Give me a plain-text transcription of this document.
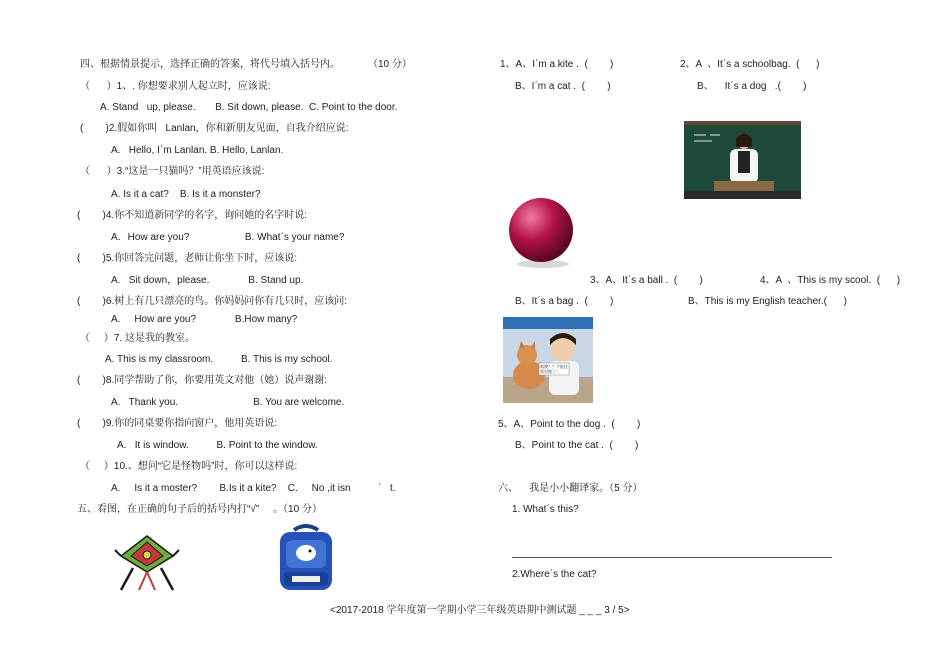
四、根据情景提示，选择正确的答案，将代号填入括号内。	（10 分）
（      ）1、. 你想要求别人起立时，应该说:
A. Stand   up, please.       B. Sit down, please.  C. Point to the door.
(        )2.假如你叫   Lanlan，你和新朋友见面，自我介绍应说:
A.   Hello, I΄m Lanlan. B. Hello, Lanlan.
（      ）3.“这是一只猫吗？”用英语应该说:
A. Is it a cat?    B. Is it a monster?
(        )4.你不知道新同学的名字，询问她的名字时说:
A．How are you?                    B. What΄s your name?
(        )5.你回答完问题，老师让你坐下时，应该说:
A.   Sit down，please.              B. Stand up.
(        )6.树上有几只漂亮的鸟。你妈妈问你有几只时，应该问:
A.     How are you?              B.How many?
（     ）7. 这是我的教室。
A. This is my classroom.          B. This is my school.
(        )8.同学帮助了你，你要用英文对他（她）说声谢谢:
A.   Thank you.                           B. You are welcome.
(        )9.你的同桌要你指向窗户，他用英语说:
A.   It is window.          B. Point to the window.
（     ）10.、想问“它是怪物吗”时，你可以这样说:
A.     Is it a moster?        B.Is it a kite?    C.     No ,it isn          ΄   t.
五、看图，在正确的句子后的括号内打“√”     。（10 分）
1、A、I΄m a kite .  (        )	2、A  、It΄s a schoolbag.  (      )
B、I΄m a cat .  (        )	B、    It΄s a dog   .(        )
3、A、It΄s a ball .  (        )	4、A  、This is my scool.  (      )
B、It΄s a bag .  (        )	B、This is my English teacher.(      )
喵噢？？不能往那里跑了！
5、A、Point to the dog .  (        )
B、Point to the cat .  (        )
六、    我是小小翻译家。（5 分）
1. What΄s this?
2.Where΄s the cat?
<2017-2018 学年度第一学期小学三年级英语期中测试题 _ _ _ 3 / 5>
